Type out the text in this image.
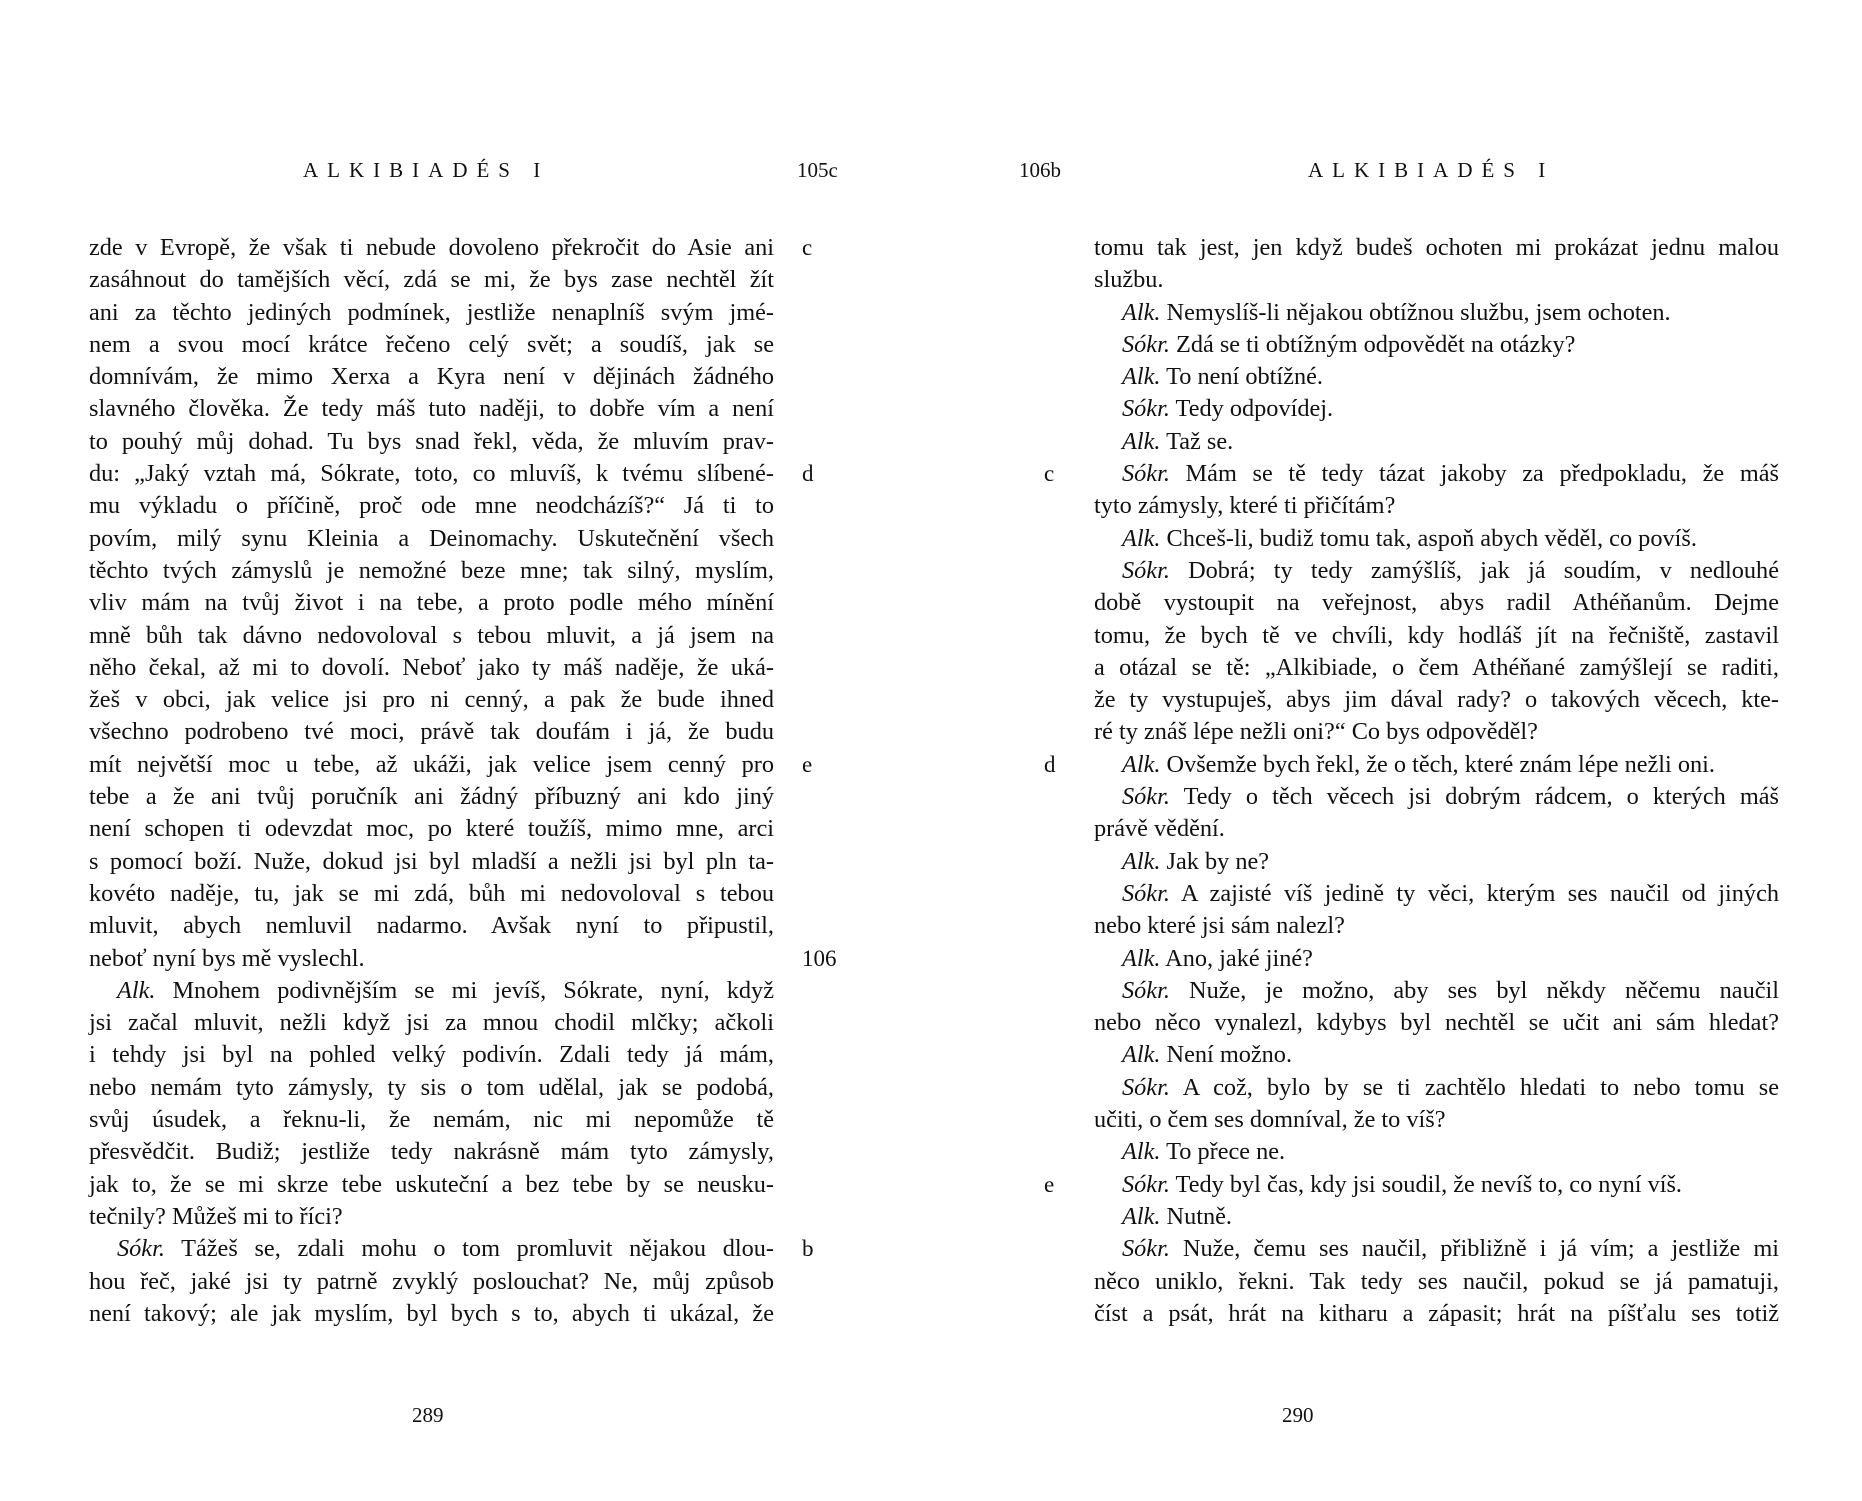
ALKIBIADÉS I	105c
zde v Evropě, že však ti nebude dovoleno překročit do Asie ani
zasáhnout do tamějších věcí, zdá se mi, že bys zase nechtěl žít
ani za těchto jediných podmínek, jestliže nenaplníš svým jmé-
nem a svou mocí krátce řečeno celý svět; a soudíš, jak se
domnívám, že mimo Xerxa a Kyra není v dějinách žádného
slavného člověka. Že tedy máš tuto naději, to dobře vím a není
to pouhý můj dohad. Tu bys snad řekl, věda, že mluvím prav-
du: „Jaký vztah má, Sókrate, toto, co mluvíš, k tvému slíbené-
mu výkladu o příčině, proč ode mne neodcházíš?“ Já ti to
povím, milý synu Kleinia a Deinomachy. Uskutečnění všech
těchto tvých zámyslů je nemožné beze mne; tak silný, myslím,
vliv mám na tvůj život i na tebe, a proto podle mého mínění
mně bůh tak dávno nedovoloval s tebou mluvit, a já jsem na
něho čekal, až mi to dovolí. Neboť jako ty máš naděje, že uká-
žeš v obci, jak velice jsi pro ni cenný, a pak že bude ihned
všechno podrobeno tvé moci, právě tak doufám i já, že budu
mít největší moc u tebe, až ukáži, jak velice jsem cenný pro
tebe a že ani tvůj poručník ani žádný příbuzný ani kdo jiný
není schopen ti odevzdat moc, po které toužíš, mimo mne, arci
s pomocí boží. Nuže, dokud jsi byl mladší a nežli jsi byl pln ta-
kovéto naděje, tu, jak se mi zdá, bůh mi nedovoloval s tebou
mluvit, abych nemluvil nadarmo. Avšak nyní to připustil,
neboť nyní bys mě vyslechl.
Alk. Mnohem podivnějším se mi jevíš, Sókrate, nyní, když
jsi začal mluvit, nežli když jsi za mnou chodil mlčky; ačkoli
i tehdy jsi byl na pohled velký podivín. Zdali tedy já mám,
nebo nemám tyto zámysly, ty sis o tom udělal, jak se podobá,
svůj úsudek, a řeknu-li, že nemám, nic mi nepomůže tě
přesvědčit. Budiž; jestliže tedy nakrásně mám tyto zámysly,
jak to, že se mi skrze tebe uskuteční a bez tebe by se neusku-
tečnily? Můžeš mi to říci?
Sókr. Tážeš se, zdali mohu o tom promluvit nějakou dlou-
hou řeč, jaké jsi ty patrně zvyklý poslouchat? Ne, můj způsob
není takový; ale jak myslím, byl bych s to, abych ti ukázal, že
c
d
e
106
b
289
106b	ALKIBIADÉS I
tomu tak jest, jen když budeš ochoten mi prokázat jednu malou
službu.
Alk. Nemyslíš-li nějakou obtížnou službu, jsem ochoten.
Sókr. Zdá se ti obtížným odpovědět na otázky?
Alk. To není obtížné.
Sókr. Tedy odpovídej.
Alk. Taž se.
Sókr. Mám se tě tedy tázat jakoby za předpokladu, že máš
tyto zámysly, které ti přičítám?
Alk. Chceš-li, budiž tomu tak, aspoň abych věděl, co povíš.
Sókr. Dobrá; ty tedy zamýšlíš, jak já soudím, v nedlouhé
době vystoupit na veřejnost, abys radil Athéňanům. Dejme
tomu, že bych tě ve chvíli, kdy hodláš jít na řečniště, zastavil
a otázal se tě: „Alkibiade, o čem Athéňané zamýšlejí se raditi,
že ty vystupuješ, abys jim dával rady? o takových věcech, kte-
ré ty znáš lépe nežli oni?“ Co bys odpověděl?
Alk. Ovšemže bych řekl, že o těch, které znám lépe nežli oni.
Sókr. Tedy o těch věcech jsi dobrým rádcem, o kterých máš
právě vědění.
Alk. Jak by ne?
Sókr. A zajisté víš jedině ty věci, kterým ses naučil od jiných
nebo které jsi sám nalezl?
Alk. Ano, jaké jiné?
Sókr. Nuže, je možno, aby ses byl někdy něčemu naučil
nebo něco vynalezl, kdybys byl nechtěl se učit ani sám hledat?
Alk. Není možno.
Sókr. A což, bylo by se ti zachtělo hledati to nebo tomu se
učiti, o čem ses domníval, že to víš?
Alk. To přece ne.
Sókr. Tedy byl čas, kdy jsi soudil, že nevíš to, co nyní víš.
Alk. Nutně.
Sókr. Nuže, čemu ses naučil, přibližně i já vím; a jestliže mi
něco uniklo, řekni. Tak tedy ses naučil, pokud se já pamatuji,
číst a psát, hrát na kitharu a zápasit; hrát na píšťalu ses totiž
c
d
e
290
